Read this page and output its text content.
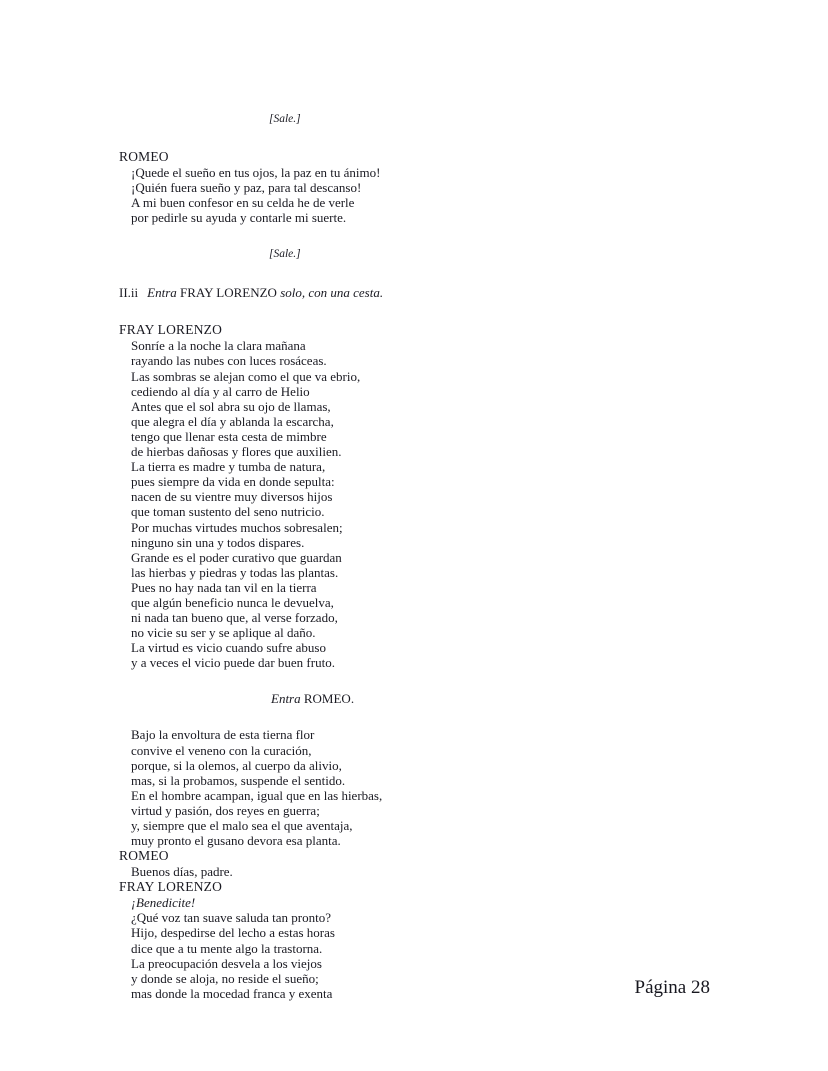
[Sale.]

ROMEO

¡Quede el sueño en tus ojos, la paz en tu ánimo!
¡Quién fuera sueño y paz, para tal descanso!
A mi buen confesor en su celda he de verle
por pedirle su ayuda y contarle mi suerte.

[Sale.]

II.ii Entra FRAY LORENZO solo, con una cesta.

FRAY LORENZO

Sonríe a la noche la clara mañana
rayando las nubes con luces rosáceas.
Las sombras se alejan como el que va ebrio,
cediendo al día y al carro de Helio
Antes que el sol abra su ojo de llamas,
que alegra el día y ablanda la escarcha,
tengo que llenar esta cesta de mimbre
de hierbas dañosas y flores que auxilien.
La tierra es madre y tumba de natura,
pues siempre da vida en donde sepulta:
nacen de su vientre muy diversos hijos
que toman sustento del seno nutricio.
Por muchas virtudes muchos sobresalen;
ninguno sin una y todos dispares.
Grande es el poder curativo que guardan
las hierbas y piedras y todas las plantas.
Pues no hay nada tan vil en la tierra
que algún beneficio nunca le devuelva,
ni nada tan bueno que, al verse forzado,
no vicie su ser y se aplique al daño.
La virtud es vicio cuando sufre abuso
y a veces el vicio puede dar buen fruto.

Entra ROMEO.

Bajo la envoltura de esta tierna flor
convive el veneno con la curación,
porque, si la olemos, al cuerpo da alivio,
mas, si la probamos, suspende el sentido.
En el hombre acampan, igual que en las hierbas,
virtud y pasión, dos reyes en guerra;
y, siempre que el malo sea el que aventaja,
muy pronto el gusano devora esa planta.

ROMEO

Buenos días, padre.

FRAY LORENZO

¡Benedicite!
¿Qué voz tan suave saluda tan pronto?
Hijo, despedirse del lecho a estas horas
dice que a tu mente algo la trastorna.
La preocupación desvela a los viejos
y donde se aloja, no reside el sueño;
mas donde la mocedad franca y exenta	Página 28
